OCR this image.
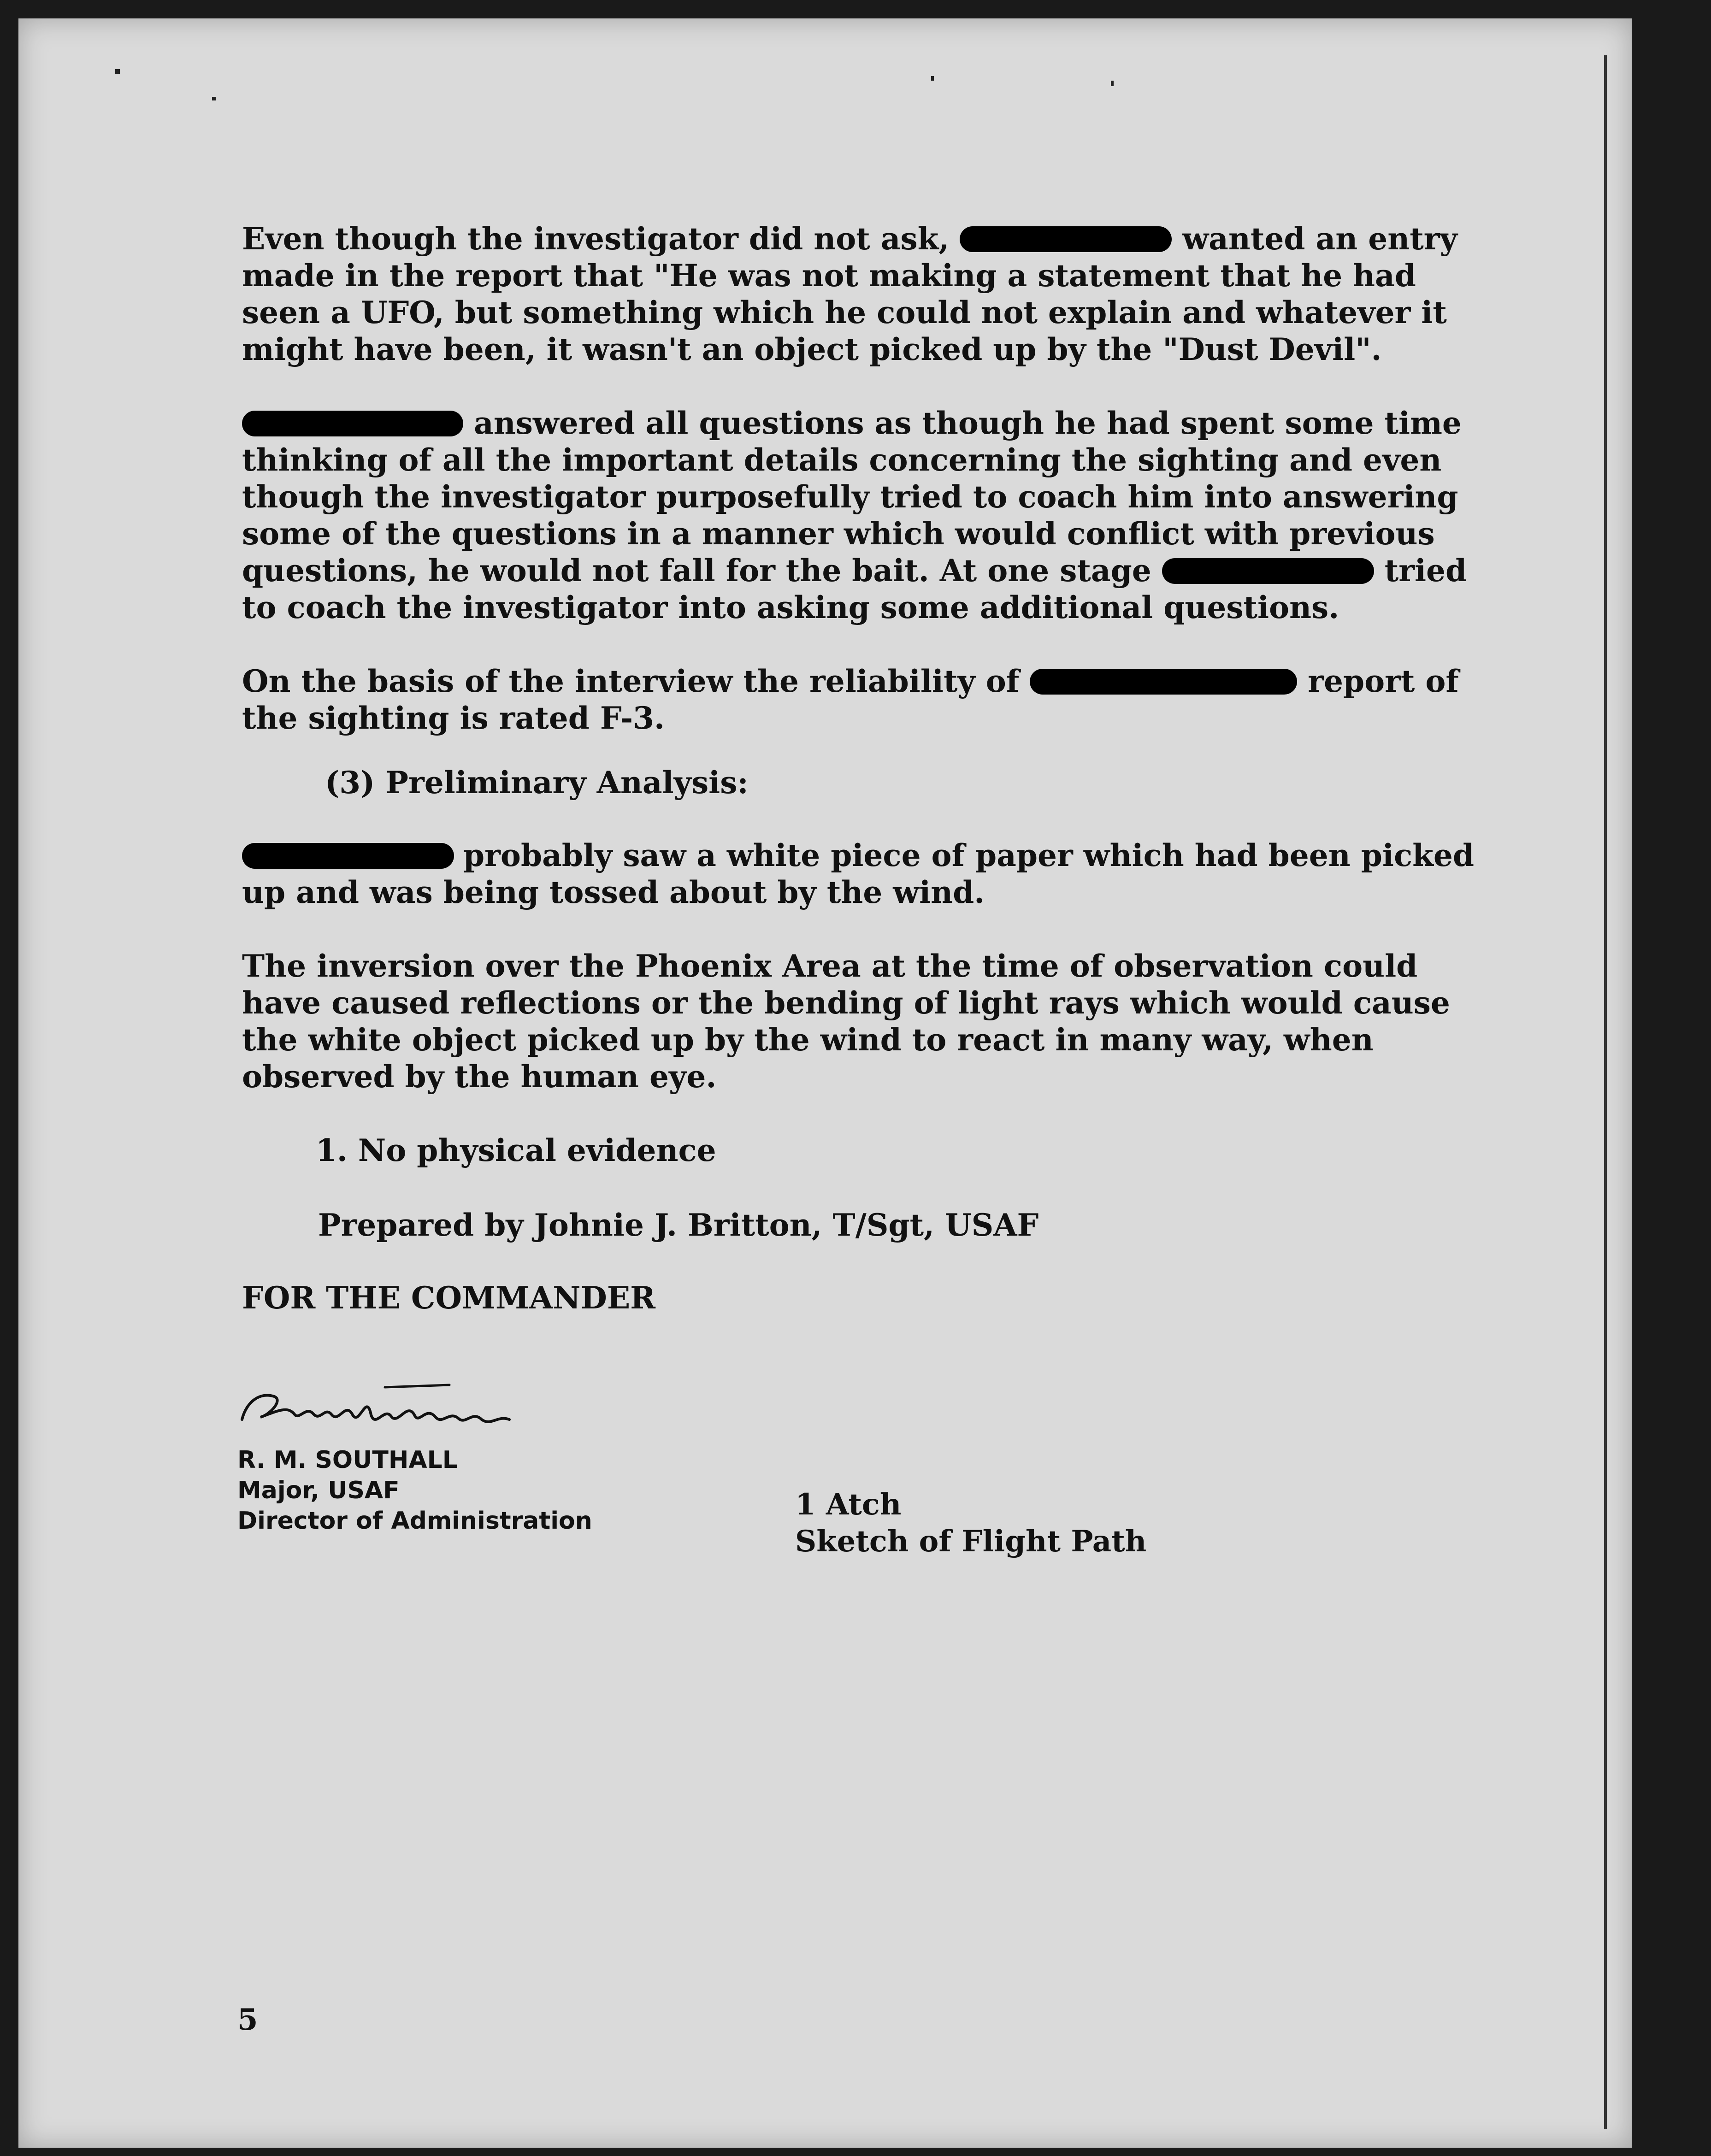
Even though the investigator did not ask,	wanted an entry made in the report that "He was not making a statement that he had seen a UFO, but something which he could not explain and whatever it might have been, it wasn't an object picked up by the "Dust Devil".

answered all questions as though he had spent some time thinking of all the important details concerning the sighting and even though the investigator purposefully tried to coach him into answering some of the questions in a manner which would conflict with previous questions, he would not fall for the bait. At one stage	tried to coach the investigator into asking some additional questions.

On the basis of the interview the reliability of	report of the sighting is rated F-3.

(3) Preliminary Analysis:

probably saw a white piece of paper which had been picked up and was being tossed about by the wind.

The inversion over the Phoenix Area at the time of observation could have caused reflections or the bending of light rays which would cause the white object picked up by the wind to react in many way, when observed by the human eye.

1. No physical evidence

Prepared by Johnie J. Britton, T/Sgt, USAF

FOR THE COMMANDER

R. M. SOUTHALL
Major, USAF
Director of Administration	1 Atch
Sketch of Flight Path
5
